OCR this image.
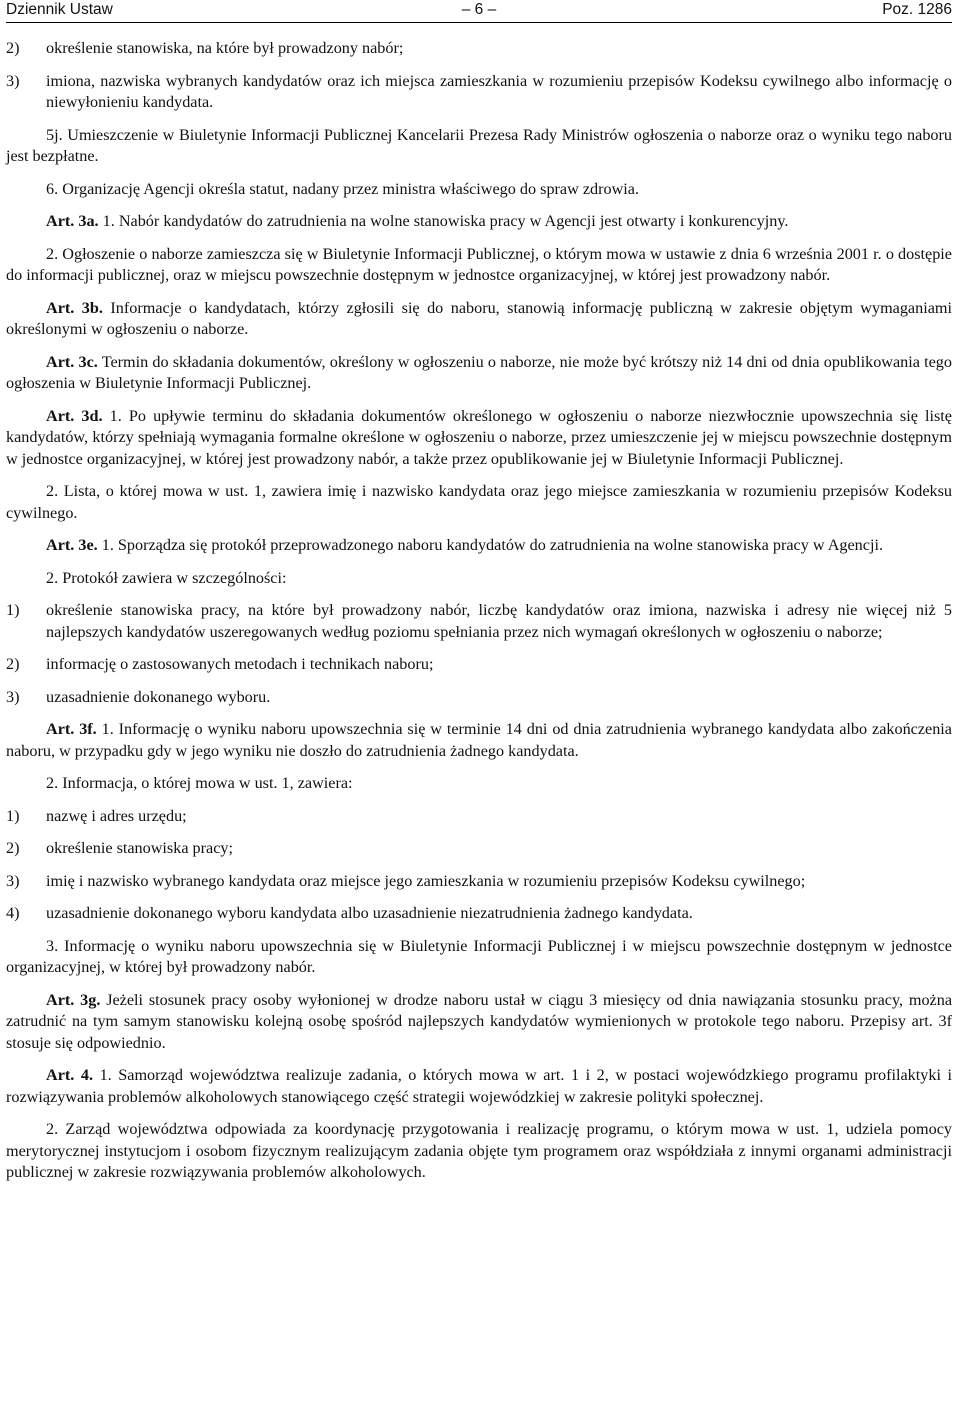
Dziennik Ustaw	– 6 –	Poz. 1286
2)	określenie stanowiska, na które był prowadzony nabór;
3)	imiona, nazwiska wybranych kandydatów oraz ich miejsca zamieszkania w rozumieniu przepisów Kodeksu cywilnego albo informację o niewyłonieniu kandydata.

5j. Umieszczenie w Biuletynie Informacji Publicznej Kancelarii Prezesa Rady Ministrów ogłoszenia o naborze oraz o wyniku tego naboru jest bezpłatne.

6. Organizację Agencji określa statut, nadany przez ministra właściwego do spraw zdrowia.

Art. 3a. 1. Nabór kandydatów do zatrudnienia na wolne stanowiska pracy w Agencji jest otwarty i konkurencyjny.

2. Ogłoszenie o naborze zamieszcza się w Biuletynie Informacji Publicznej, o którym mowa w ustawie z dnia 6 września 2001 r. o dostępie do informacji publicznej, oraz w miejscu powszechnie dostępnym w jednostce organizacyjnej, w której jest prowadzony nabór.

Art. 3b. Informacje o kandydatach, którzy zgłosili się do naboru, stanowią informację publiczną w zakresie objętym wymaganiami określonymi w ogłoszeniu o naborze.

Art. 3c. Termin do składania dokumentów, określony w ogłoszeniu o naborze, nie może być krótszy niż 14 dni od dnia opublikowania tego ogłoszenia w Biuletynie Informacji Publicznej.

Art. 3d. 1. Po upływie terminu do składania dokumentów określonego w ogłoszeniu o naborze niezwłocznie upowszechnia się listę kandydatów, którzy spełniają wymagania formalne określone w ogłoszeniu o naborze, przez umieszczenie jej w miejscu powszechnie dostępnym w jednostce organizacyjnej, w której jest prowadzony nabór, a także przez opublikowanie jej w Biuletynie Informacji Publicznej.

2. Lista, o której mowa w ust. 1, zawiera imię i nazwisko kandydata oraz jego miejsce zamieszkania w rozumieniu przepisów Kodeksu cywilnego.

Art. 3e. 1. Sporządza się protokół przeprowadzonego naboru kandydatów do zatrudnienia na wolne stanowiska pracy w Agencji.

2. Protokół zawiera w szczególności:

1)	określenie stanowiska pracy, na które był prowadzony nabór, liczbę kandydatów oraz imiona, nazwiska i adresy nie więcej niż 5 najlepszych kandydatów uszeregowanych według poziomu spełniania przez nich wymagań określonych w ogłoszeniu o naborze;
2)	informację o zastosowanych metodach i technikach naboru;
3)	uzasadnienie dokonanego wyboru.

Art. 3f. 1. Informację o wyniku naboru upowszechnia się w terminie 14 dni od dnia zatrudnienia wybranego kandydata albo zakończenia naboru, w przypadku gdy w jego wyniku nie doszło do zatrudnienia żadnego kandydata.

2. Informacja, o której mowa w ust. 1, zawiera:

1)	nazwę i adres urzędu;
2)	określenie stanowiska pracy;
3)	imię i nazwisko wybranego kandydata oraz miejsce jego zamieszkania w rozumieniu przepisów Kodeksu cywilnego;
4)	uzasadnienie dokonanego wyboru kandydata albo uzasadnienie niezatrudnienia żadnego kandydata.

3. Informację o wyniku naboru upowszechnia się w Biuletynie Informacji Publicznej i w miejscu powszechnie dostępnym w jednostce organizacyjnej, w której był prowadzony nabór.

Art. 3g. Jeżeli stosunek pracy osoby wyłonionej w drodze naboru ustał w ciągu 3 miesięcy od dnia nawiązania stosunku pracy, można zatrudnić na tym samym stanowisku kolejną osobę spośród najlepszych kandydatów wymienionych w protokole tego naboru. Przepisy art. 3f stosuje się odpowiednio.

Art. 4. 1. Samorząd województwa realizuje zadania, o których mowa w art. 1 i 2, w postaci wojewódzkiego programu profilaktyki i rozwiązywania problemów alkoholowych stanowiącego część strategii wojewódzkiej w zakresie polityki społecznej.

2. Zarząd województwa odpowiada za koordynację przygotowania i realizację programu, o którym mowa w ust. 1, udziela pomocy merytorycznej instytucjom i osobom fizycznym realizującym zadania objęte tym programem oraz współdziała z innymi organami administracji publicznej w zakresie rozwiązywania problemów alkoholowych.
